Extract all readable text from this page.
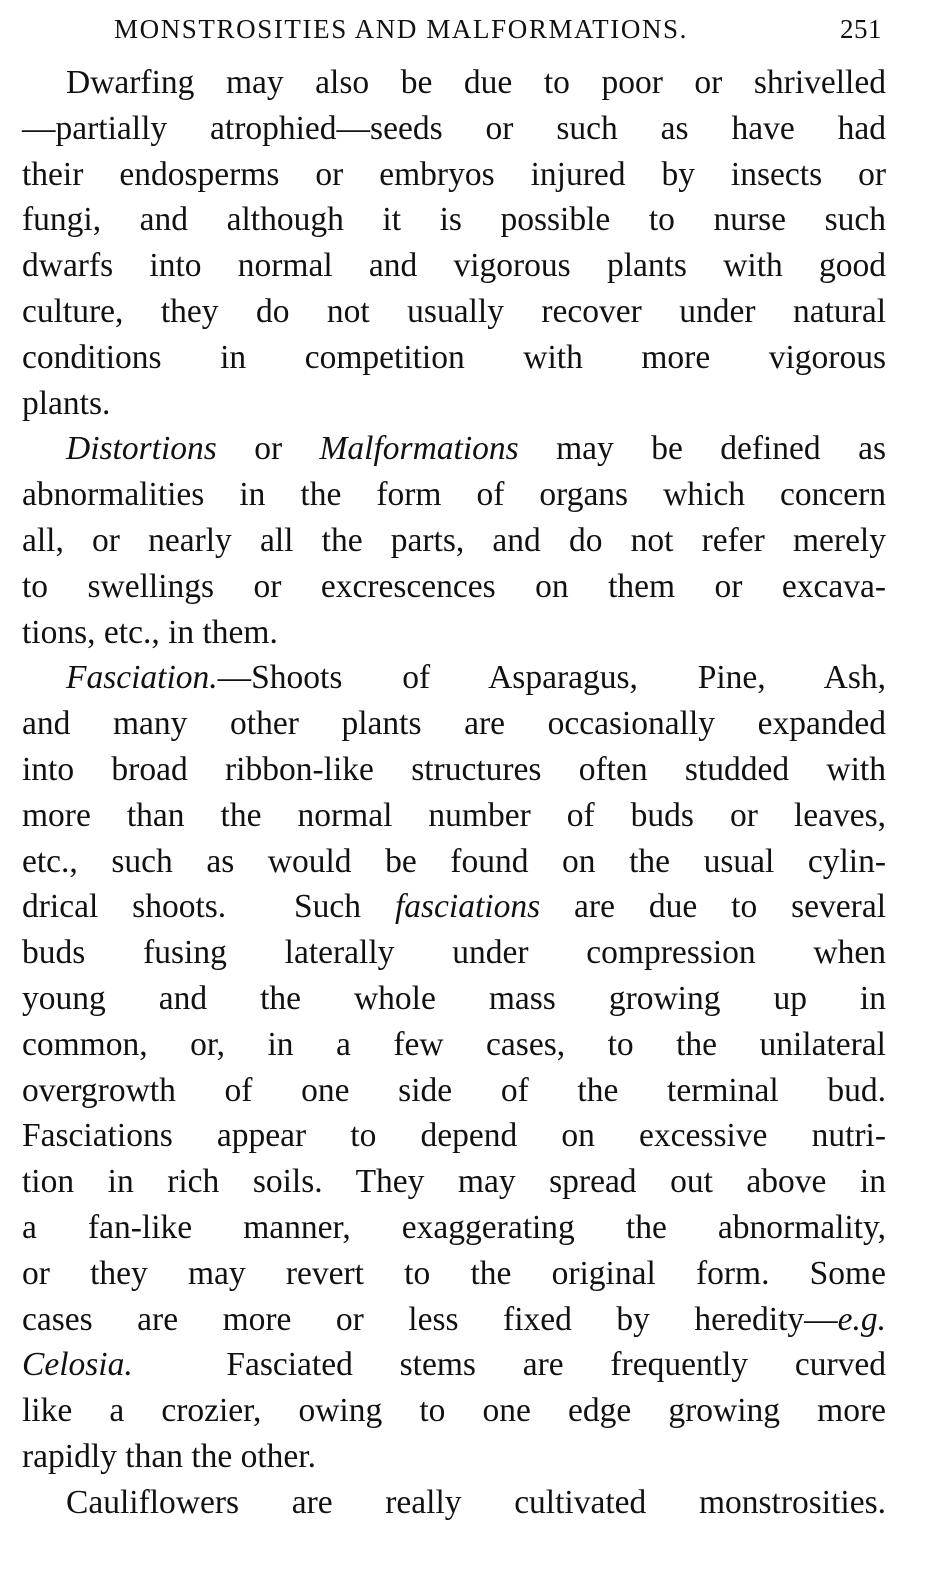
MONSTROSITIES AND MALFORMATIONS.	251
Dwarfing may also be due to poor or shrivelled
—partially atrophied—seeds or such as have had
their endosperms or embryos injured by insects or
fungi, and although it is possible to nurse such
dwarfs into normal and vigorous plants with good
culture, they do not usually recover under natural
conditions in competition with more vigorous
plants.
Distortions or Malformations may be defined as
abnormalities in the form of organs which concern
all, or nearly all the parts, and do not refer merely
to swellings or excrescences on them or excava-
tions, etc., in them.
Fasciation.—Shoots of Asparagus, Pine, Ash,
and many other plants are occasionally expanded
into broad ribbon-like structures often studded with
more than the normal number of buds or leaves,
etc., such as would be found on the usual cylin-
drical shoots.  Such fasciations are due to several
buds fusing laterally under compression when
young and the whole mass growing up in
common, or, in a few cases, to the unilateral
overgrowth of one side of the terminal bud.
Fasciations appear to depend on excessive nutri-
tion in rich soils. They may spread out above in
a fan-like manner, exaggerating the abnormality,
or they may revert to the original form. Some
cases are more or less fixed by heredity—e.g.
Celosia.  Fasciated stems are frequently curved
like a crozier, owing to one edge growing more
rapidly than the other.
Cauliflowers are really cultivated monstrosities.
